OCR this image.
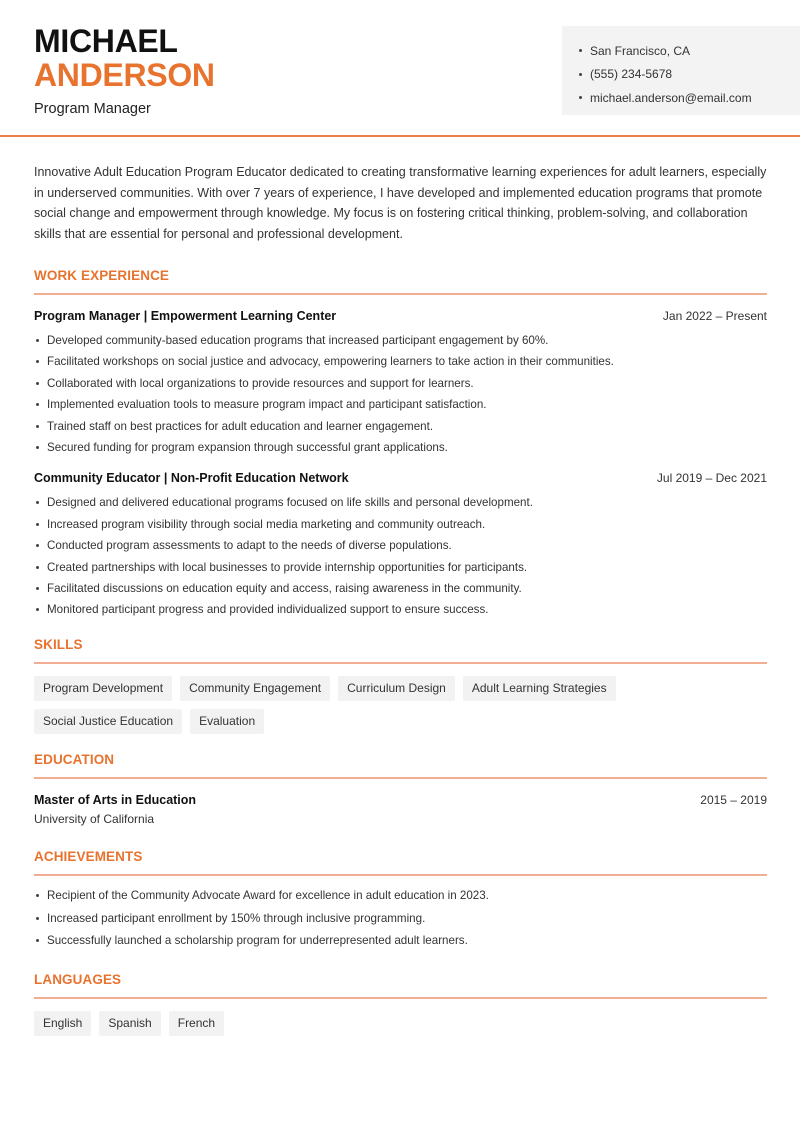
MICHAEL
ANDERSON
Program Manager
San Francisco, CA
(555) 234-5678
michael.anderson@email.com

Innovative Adult Education Program Educator dedicated to creating transformative learning experiences for adult learners, especially in underserved communities. With over 7 years of experience, I have developed and implemented education programs that promote social change and empowerment through knowledge. My focus is on fostering critical thinking, problem-solving, and collaboration skills that are essential for personal and professional development.

WORK EXPERIENCE
Program Manager | Empowerment Learning Center	Jan 2022 – Present
Developed community-based education programs that increased participant engagement by 60%.
Facilitated workshops on social justice and advocacy, empowering learners to take action in their communities.
Collaborated with local organizations to provide resources and support for learners.
Implemented evaluation tools to measure program impact and participant satisfaction.
Trained staff on best practices for adult education and learner engagement.
Secured funding for program expansion through successful grant applications.
Community Educator | Non-Profit Education Network	Jul 2019 – Dec 2021
Designed and delivered educational programs focused on life skills and personal development.
Increased program visibility through social media marketing and community outreach.
Conducted program assessments to adapt to the needs of diverse populations.
Created partnerships with local businesses to provide internship opportunities for participants.
Facilitated discussions on education equity and access, raising awareness in the community.
Monitored participant progress and provided individualized support to ensure success.
SKILLS
Program Development	Community Engagement	Curriculum Design	Adult Learning Strategies
Social Justice Education	Evaluation
EDUCATION
Master of Arts in Education	2015 – 2019
University of California
ACHIEVEMENTS
Recipient of the Community Advocate Award for excellence in adult education in 2023.
Increased participant enrollment by 150% through inclusive programming.
Successfully launched a scholarship program for underrepresented adult learners.
LANGUAGES
English	Spanish	French
